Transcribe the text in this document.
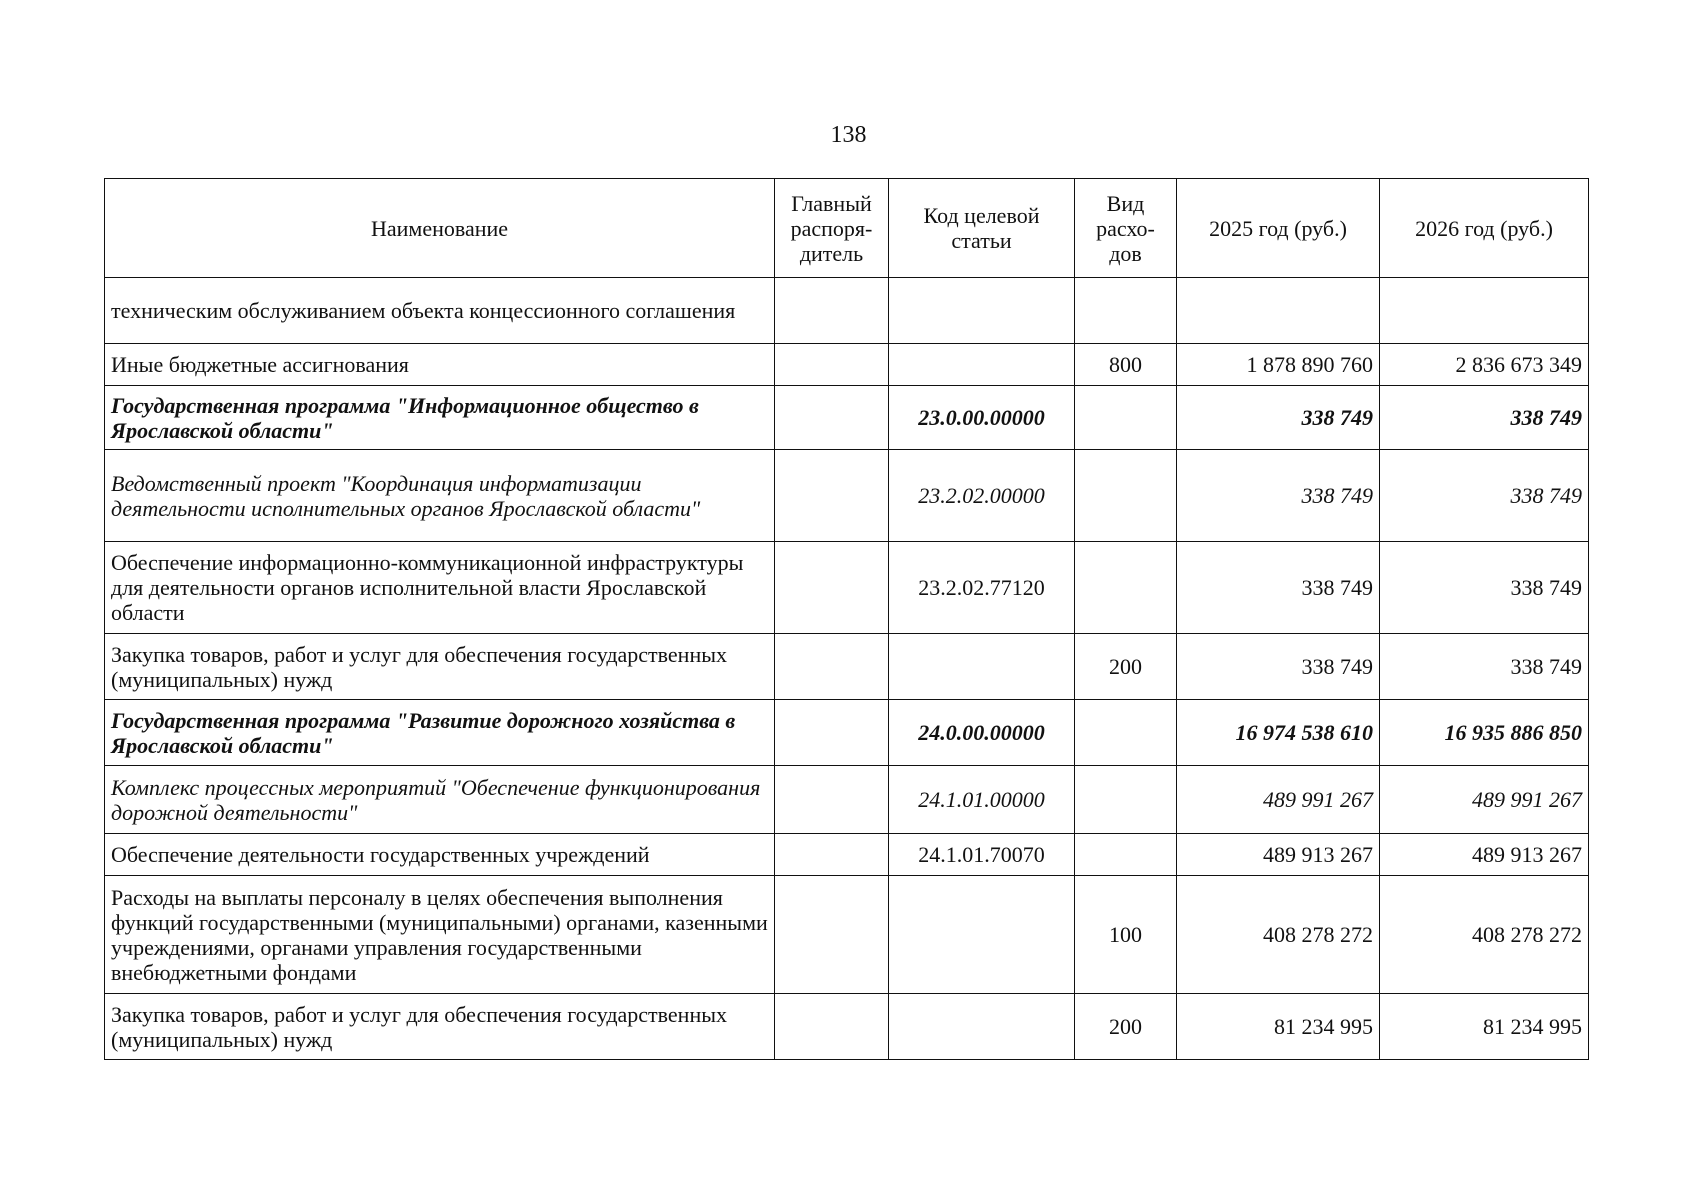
138
Наименование	Главный распоря-дитель	Код целевой статьи	Вид расхо-дов	2025 год (руб.)	2026 год (руб.)
техническим обслуживанием объекта концессионного соглашения					
Иные бюджетные ассигнования			800	1 878 890 760	2 836 673 349
Государственная программа "Информационное общество в Ярославской области"		23.0.00.00000		338 749	338 749
Ведомственный проект "Координация информатизации деятельности исполнительных органов Ярославской области"		23.2.02.00000		338 749	338 749
Обеспечение информационно-коммуникационной инфраструктуры для деятельности органов исполнительной власти Ярославской области		23.2.02.77120		338 749	338 749
Закупка товаров, работ и услуг для обеспечения государственных (муниципальных) нужд			200	338 749	338 749
Государственная программа "Развитие дорожного хозяйства в Ярославской области"		24.0.00.00000		16 974 538 610	16 935 886 850
Комплекс процессных мероприятий "Обеспечение функционирования дорожной деятельности"		24.1.01.00000		489 991 267	489 991 267
Обеспечение деятельности государственных учреждений		24.1.01.70070		489 913 267	489 913 267
Расходы на выплаты персоналу в целях обеспечения выполнения функций государственными (муниципальными) органами, казенными учреждениями, органами управления государственными внебюджетными фондами			100	408 278 272	408 278 272
Закупка товаров, работ и услуг для обеспечения государственных (муниципальных) нужд			200	81 234 995	81 234 995
